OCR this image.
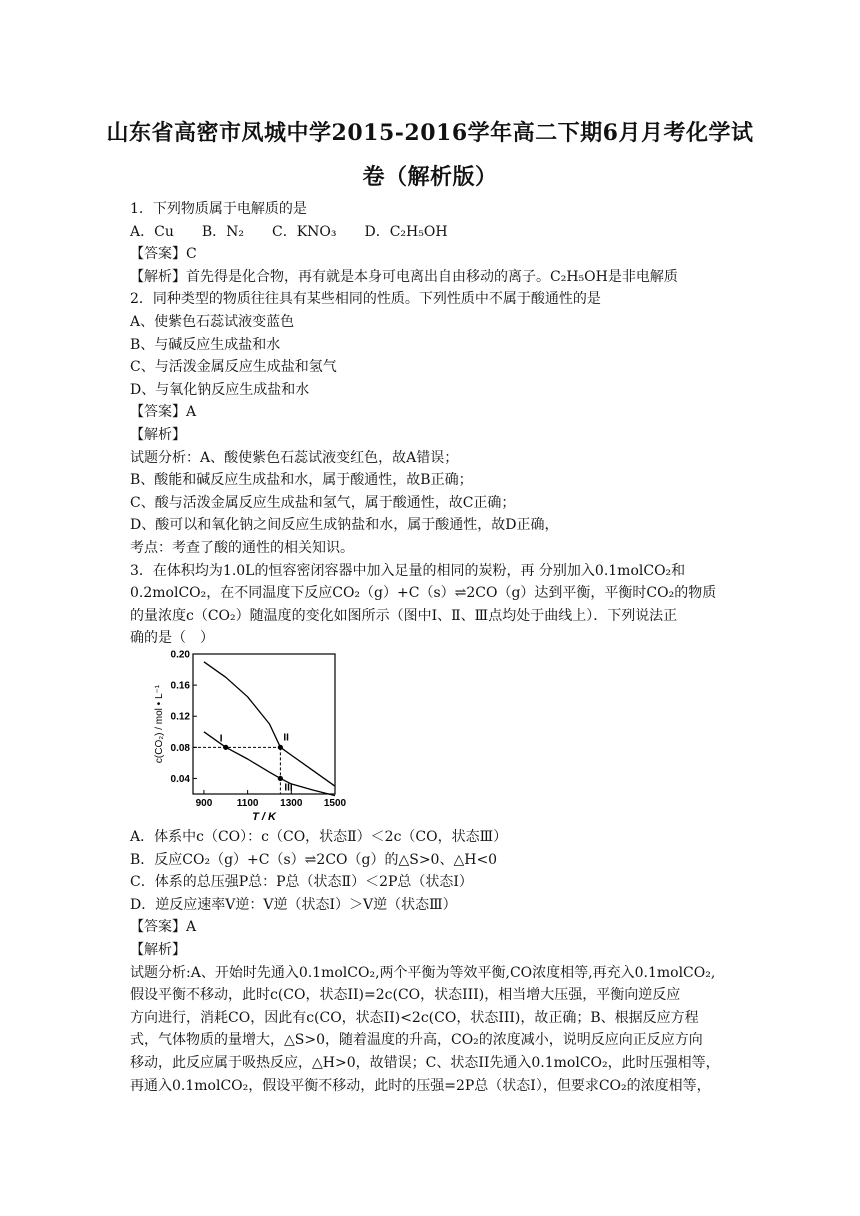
山东省高密市凤城中学2015-2016学年高二下期6月月考化学试
卷（解析版）
1．下列物质属于电解质的是
A．Cu　　B．N₂　　C．KNO₃　　D．C₂H₅OH
【答案】C
【解析】首先得是化合物，再有就是本身可电离出自由移动的离子。C₂H₅OH是非电解质
2．同种类型的物质往往具有某些相同的性质。下列性质中不属于酸通性的是
A、使紫色石蕊试液变蓝色
B、与碱反应生成盐和水
C、与活泼金属反应生成盐和氢气
D、与氧化钠反应生成盐和水
【答案】A
【解析】
试题分析：A、酸使紫色石蕊试液变红色，故A错误；
B、酸能和碱反应生成盐和水，属于酸通性，故B正确；
C、酸与活泼金属反应生成盐和氢气，属于酸通性，故C正确；
D、酸可以和氧化钠之间反应生成钠盐和水，属于酸通性，故D正确，
考点：考查了酸的通性的相关知识。
3．在体积均为1.0L的恒容密闭容器中加入足量的相同的炭粉，再 分别加入0.1molCO₂和
0.2molCO₂，在不同温度下反应CO₂（g）+C（s）⇌2CO（g）达到平衡，平衡时CO₂的物质
的量浓度c（CO₂）随温度的变化如图所示（图中Ⅰ、Ⅱ、Ⅲ点均处于曲线上）．下列说法正
确的是（　）
0.20
0.16
0.12
0.08
0.04
900 1100 1300 1500
I	II
III
T / K
c(CO₂) / mol • L⁻¹
A．体系中c（CO）：c（CO，状态Ⅱ）＜2c（CO，状态Ⅲ）
B．反应CO₂（g）+C（s）⇌2CO（g）的△S>0、△H<0
C．体系的总压强P总：P总（状态Ⅱ）＜2P总（状态Ⅰ）
D．逆反应速率V逆：V逆（状态Ⅰ）＞V逆（状态Ⅲ）
【答案】A
【解析】
试题分析:A、开始时先通入0.1molCO₂,两个平衡为等效平衡,CO浓度相等,再充入0.1molCO₂,
假设平衡不移动，此时c(CO，状态II)=2c(CO，状态III)，相当增大压强，平衡向逆反应
方向进行，消耗CO，因此有c(CO，状态II)<2c(CO，状态III)，故正确；B、根据反应方程
式，气体物质的量增大，△S>0，随着温度的升高，CO₂的浓度减小，说明反应向正反应方向
移动，此反应属于吸热反应，△H>0，故错误；C、状态II先通入0.1molCO₂，此时压强相等，
再通入0.1molCO₂，假设平衡不移动，此时的压强=2P总（状态I），但要求CO₂的浓度相等，
